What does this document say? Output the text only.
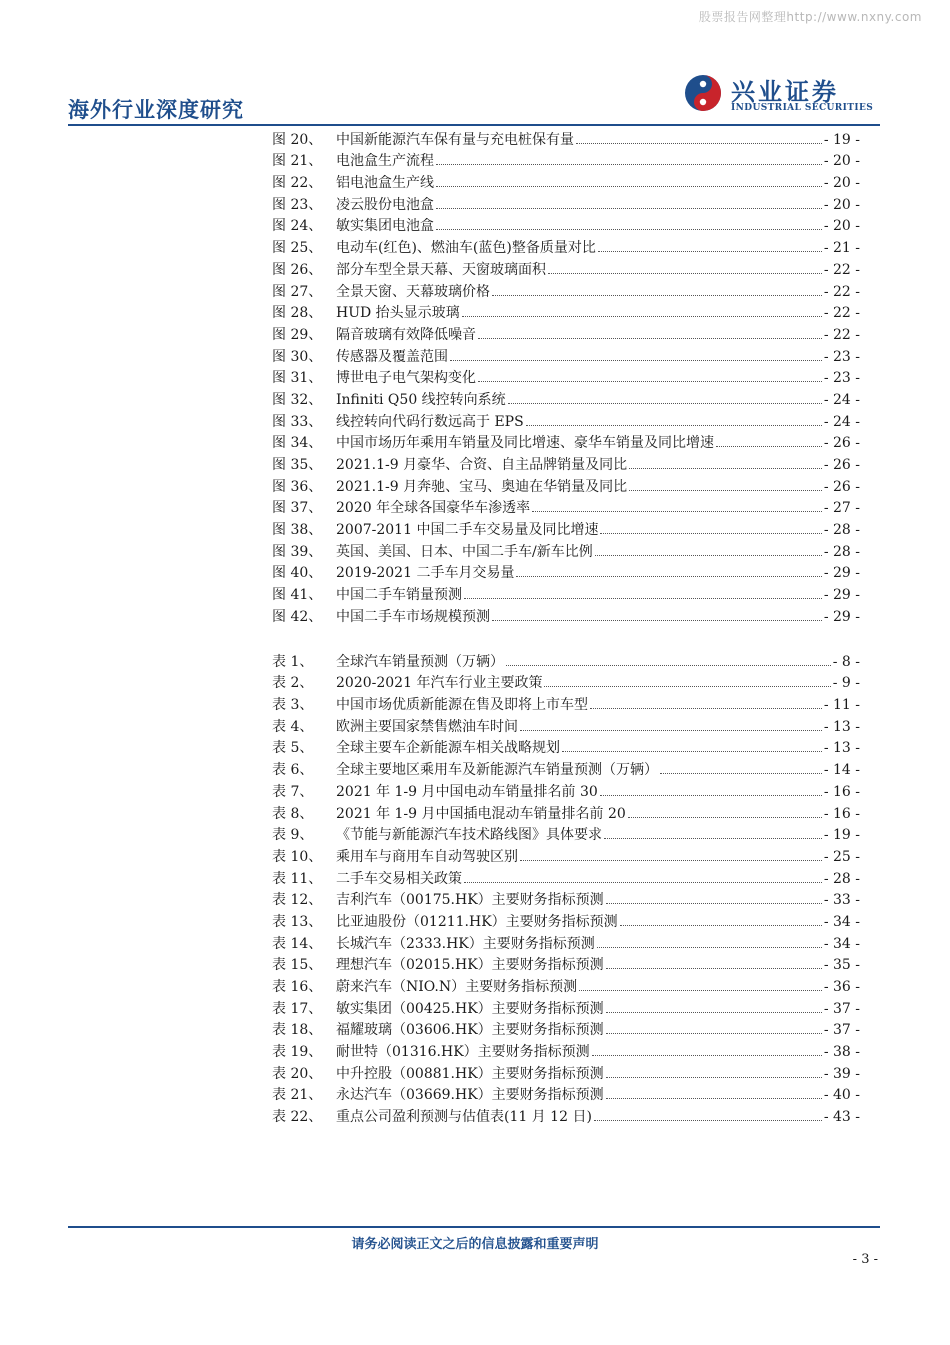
股票报告网整理http://www.nxny.com
海外行业深度研究
兴业证券
INDUSTRIAL SECURITIES
图 20、 中国新能源汽车保有量与充电桩保有量	- 19 -
图 21、 电池盒生产流程	- 20 -
图 22、 铝电池盒生产线	- 20 -
图 23、 凌云股份电池盒	- 20 -
图 24、 敏实集团电池盒	- 20 -
图 25、 电动车(红色)、燃油车(蓝色)整备质量对比	- 21 -
图 26、 部分车型全景天幕、天窗玻璃面积	- 22 -
图 27、 全景天窗、天幕玻璃价格	- 22 -
图 28、 HUD 抬头显示玻璃	- 22 -
图 29、 隔音玻璃有效降低噪音	- 22 -
图 30、 传感器及覆盖范围	- 23 -
图 31、 博世电子电气架构变化	- 23 -
图 32、 Infiniti Q50 线控转向系统	- 24 -
图 33、 线控转向代码行数远高于 EPS	- 24 -
图 34、 中国市场历年乘用车销量及同比增速、豪华车销量及同比增速	- 26 -
图 35、 2021.1-9 月豪华、合资、自主品牌销量及同比	- 26 -
图 36、 2021.1-9 月奔驰、宝马、奥迪在华销量及同比	- 26 -
图 37、 2020 年全球各国豪华车渗透率	- 27 -
图 38、 2007-2011 中国二手车交易量及同比增速	- 28 -
图 39、 英国、美国、日本、中国二手车/新车比例	- 28 -
图 40、 2019-2021 二手车月交易量	- 29 -
图 41、 中国二手车销量预测	- 29 -
图 42、 中国二手车市场规模预测	- 29 -
表 1、	全球汽车销量预测（万辆）	- 8 -
表 2、	2020-2021 年汽车行业主要政策	- 9 -
表 3、	中国市场优质新能源在售及即将上市车型	- 11 -
表 4、	欧洲主要国家禁售燃油车时间	- 13 -
表 5、	全球主要车企新能源车相关战略规划	- 13 -
表 6、	全球主要地区乘用车及新能源汽车销量预测（万辆）	- 14 -
表 7、	2021 年 1-9 月中国电动车销量排名前 30	- 16 -
表 8、	2021 年 1-9 月中国插电混动车销量排名前 20	- 16 -
表 9、	《节能与新能源汽车技术路线图》具体要求	- 19 -
表 10、 乘用车与商用车自动驾驶区别	- 25 -
表 11、 二手车交易相关政策	- 28 -
表 12、 吉利汽车（00175.HK）主要财务指标预测	- 33 -
表 13、 比亚迪股份（01211.HK）主要财务指标预测	- 34 -
表 14、 长城汽车（2333.HK）主要财务指标预测	- 34 -
表 15、 理想汽车（02015.HK）主要财务指标预测	- 35 -
表 16、 蔚来汽车（NIO.N）主要财务指标预测	- 36 -
表 17、 敏实集团（00425.HK）主要财务指标预测	- 37 -
表 18、 福耀玻璃（03606.HK）主要财务指标预测	- 37 -
表 19、 耐世特（01316.HK）主要财务指标预测	- 38 -
表 20、 中升控股（00881.HK）主要财务指标预测	- 39 -
表 21、 永达汽车（03669.HK）主要财务指标预测	- 40 -
表 22、 重点公司盈利预测与估值表(11 月 12 日)	- 43 -
请务必阅读正文之后的信息披露和重要声明
- 3 -
